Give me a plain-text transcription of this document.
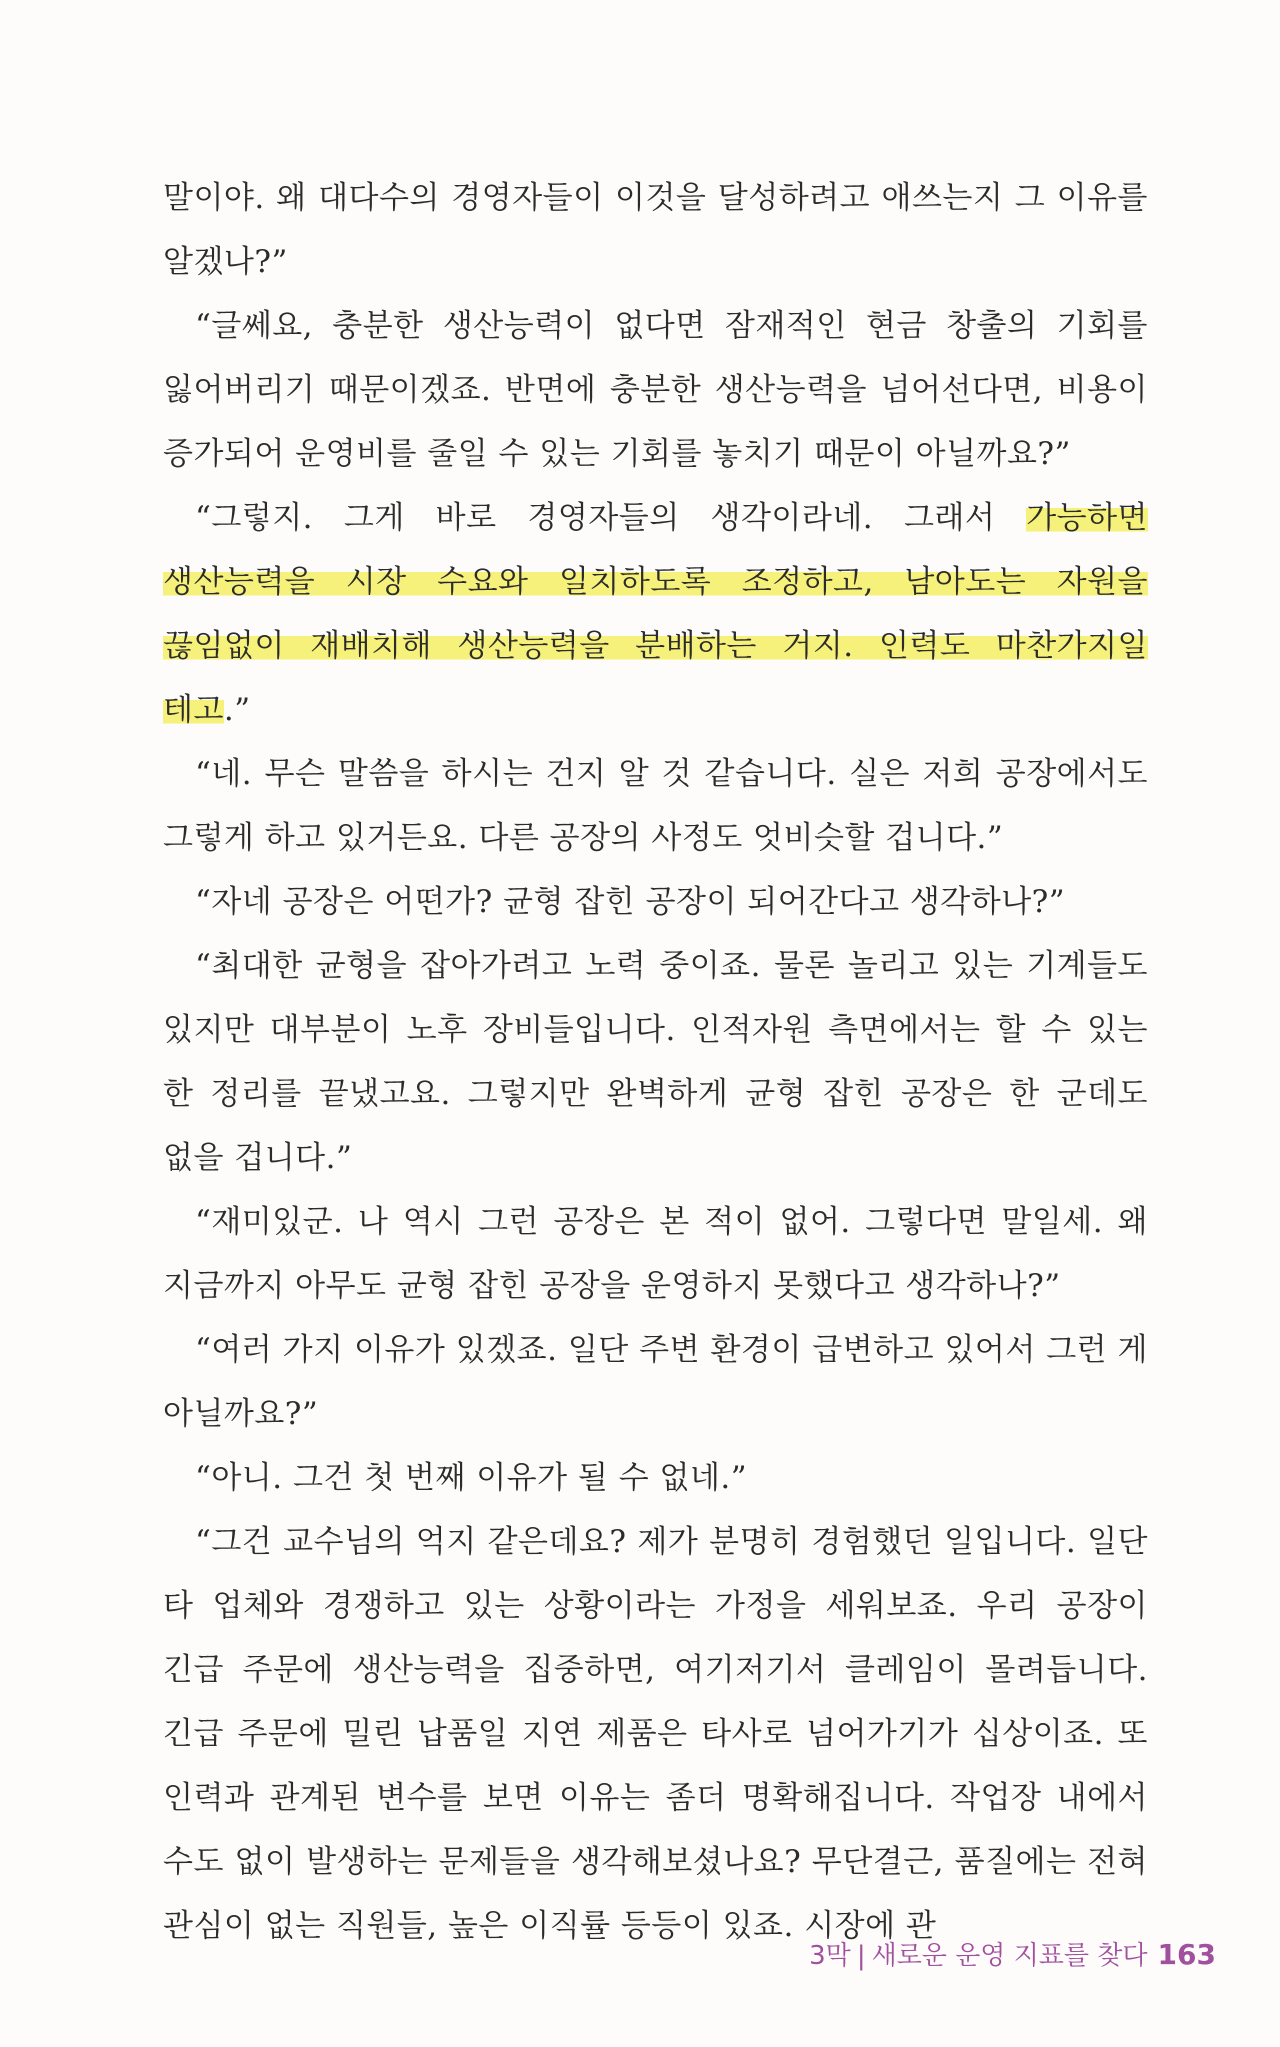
말이야. 왜 대다수의 경영자들이 이것을 달성하려고 애쓰는지 그 이유를 알겠나?”

“글쎄요, 충분한 생산능력이 없다면 잠재적인 현금 창출의 기회를 잃어버리기 때문이겠죠. 반면에 충분한 생산능력을 넘어선다면, 비용이 증가되어 운영비를 줄일 수 있는 기회를 놓치기 때문이 아닐까요?”

“그렇지. 그게 바로 경영자들의 생각이라네. 그래서 가능하면 생산능력을 시장 수요와 일치하도록 조정하고, 남아도는 자원을 끊임없이 재배치해 생산능력을 분배하는 거지. 인력도 마찬가지일 테고.”

“네. 무슨 말씀을 하시는 건지 알 것 같습니다. 실은 저희 공장에서도 그렇게 하고 있거든요. 다른 공장의 사정도 엇비슷할 겁니다.”

“자네 공장은 어떤가? 균형 잡힌 공장이 되어간다고 생각하나?”

“최대한 균형을 잡아가려고 노력 중이죠. 물론 놀리고 있는 기계들도 있지만 대부분이 노후 장비들입니다. 인적자원 측면에서는 할 수 있는 한 정리를 끝냈고요. 그렇지만 완벽하게 균형 잡힌 공장은 한 군데도 없을 겁니다.”

“재미있군. 나 역시 그런 공장은 본 적이 없어. 그렇다면 말일세. 왜 지금까지 아무도 균형 잡힌 공장을 운영하지 못했다고 생각하나?”

“여러 가지 이유가 있겠죠. 일단 주변 환경이 급변하고 있어서 그런 게 아닐까요?”

“아니. 그건 첫 번째 이유가 될 수 없네.”

“그건 교수님의 억지 같은데요? 제가 분명히 경험했던 일입니다. 일단 타 업체와 경쟁하고 있는 상황이라는 가정을 세워보죠. 우리 공장이 긴급 주문에 생산능력을 집중하면, 여기저기서 클레임이 몰려듭니다. 긴급 주문에 밀린 납품일 지연 제품은 타사로 넘어가기가 십상이죠. 또 인력과 관계된 변수를 보면 이유는 좀더 명확해집니다. 작업장 내에서 수도 없이 발생하는 문제들을 생각해보셨나요? 무단결근, 품질에는 전혀 관심이 없는 직원들, 높은 이직률 등등이 있죠. 시장에 관

3막 | 새로운 운영 지표를 찾다 163
